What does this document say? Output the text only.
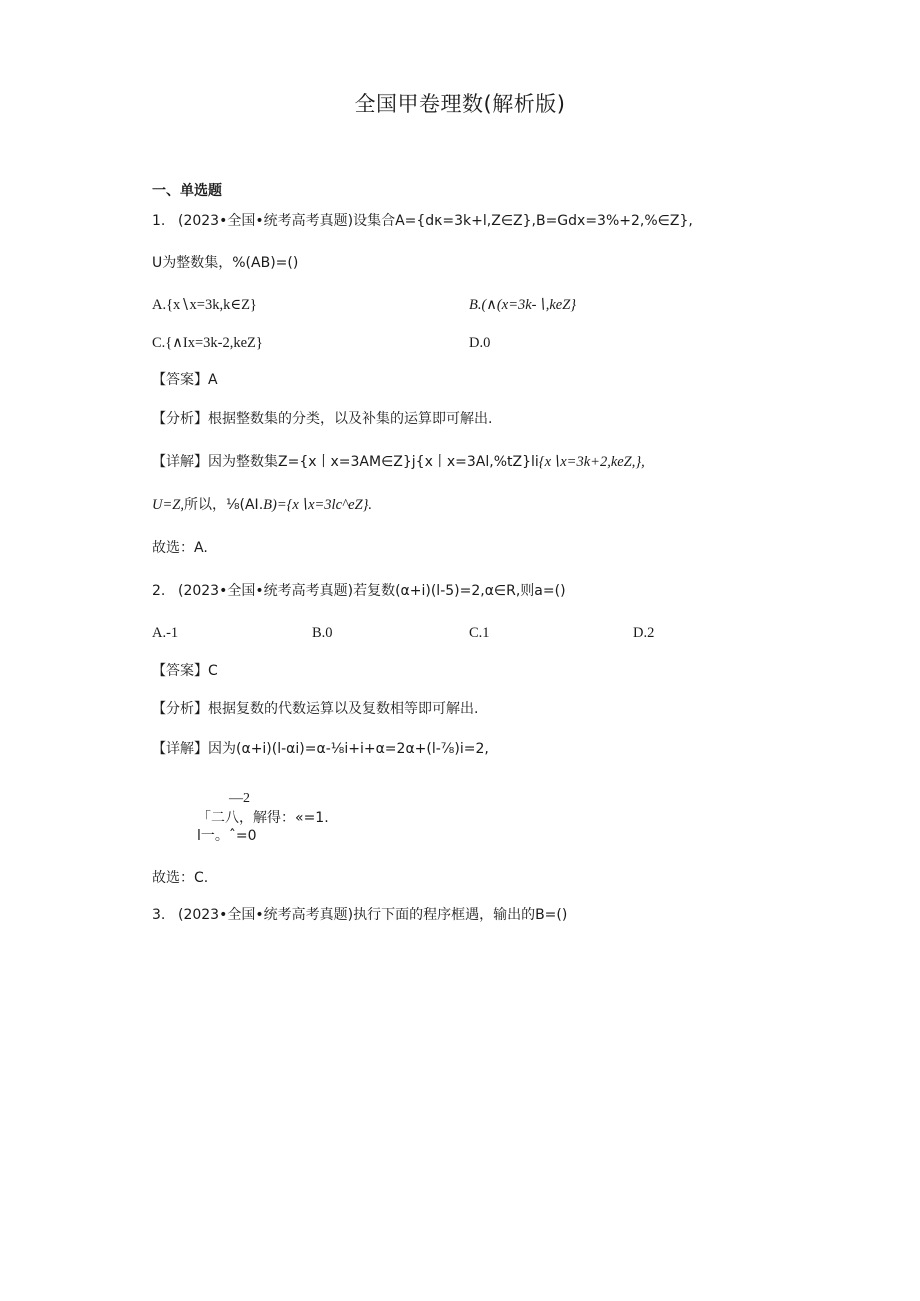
全国甲卷理数(解析版)
一、单选题
1. (2023•全国•统考高考真题)设集合A={dκ=3k+l,Z∈Z},B=Gdx=3%+2,%∈Z},
U为整数集，%(AB)=()
A.{x∖x=3k,k∈Z}	B.(∧(x=3k-∖,keZ}
C.{∧Ix=3k-2,keZ}	D.0
【答案】A
【分析】根据整数集的分类，以及补集的运算即可解出.
【详解】因为整数集Z={x丨x=3AM∈Z}j{x丨x=3Al,%tZ}li{x∖x=3k+2,keZ,},
U=Z,所以，⅛(AI.B)={x∖x=3lc^eZ}.
故选：A.
2. (2023•全国•统考高考真题)若复数(α+i)(l-5)=2,α∈R,则a=()
A.-1	B.0	C.1	D.2
【答案】C
【分析】根据复数的代数运算以及复数相等即可解出.
【详解】因为(α+i)(l-αi)=α-⅛i+i+α=2α+(l-⅞)i=2,
—2
「二八，解得：«=1.
l一。ˆ=0
故选：C.
3. (2023•全国•统考高考真题)执行下面的程序框遇，输出的B=()
